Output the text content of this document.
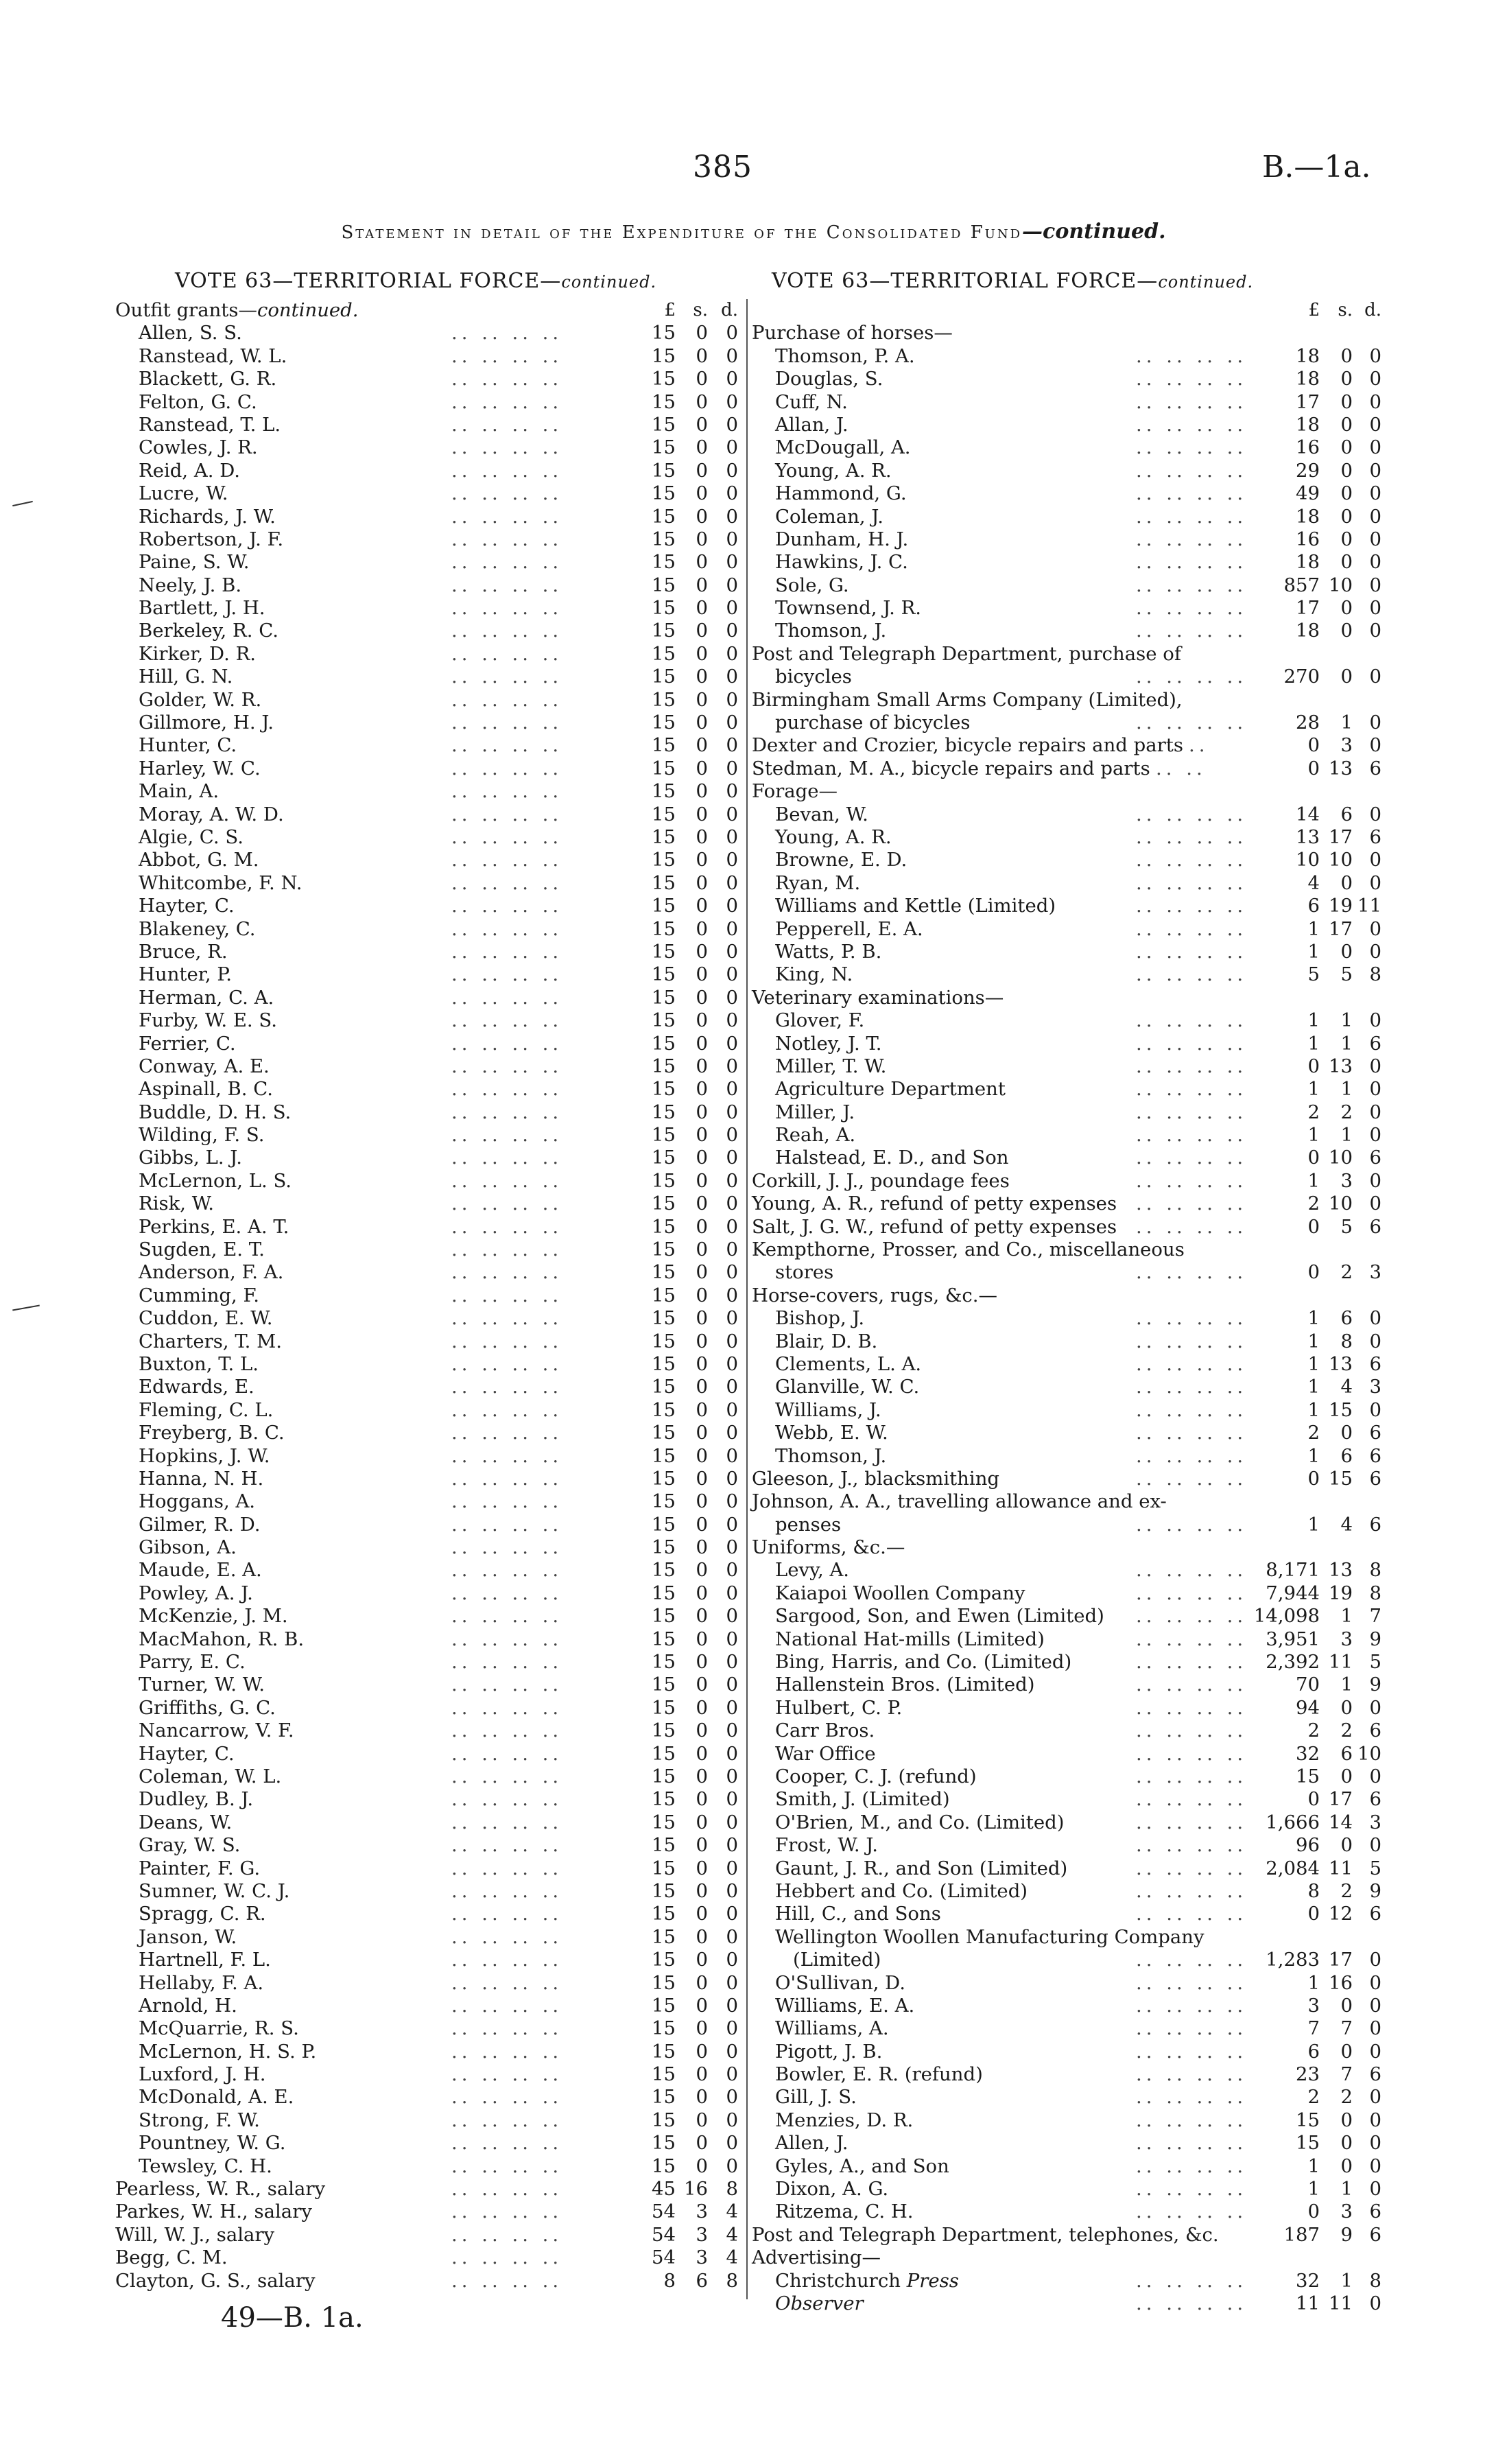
385	B.—1a.
Statement in detail of the Expenditure of the Consolidated Fund—continued.
VOTE 63—TERRITORIAL FORCE—continued.	VOTE 63—TERRITORIAL FORCE—continued.
Outfit grants—continued.	£ s. d.
Allen, S. S.	.. .. .. ..	15	0 0
Ranstead, W. L.	.. .. .. ..	15	0 0
Blackett, G. R.	.. .. .. ..	15	0 0
Felton, G. C.	.. .. .. ..	15	0 0
Ranstead, T. L.	.. .. .. ..	15	0 0
Cowles, J. R.	.. .. .. ..	15	0 0
Reid, A. D.	.. .. .. ..	15	0 0
Lucre, W.	.. .. .. ..	15	0 0
Richards, J. W.	.. .. .. ..	15	0 0
Robertson, J. F.	.. .. .. ..	15	0 0
Paine, S. W.	.. .. .. ..	15	0 0
Neely, J. B.	.. .. .. ..	15	0 0
Bartlett, J. H.	.. .. .. ..	15	0 0
Berkeley, R. C.	.. .. .. ..	15	0 0
Kirker, D. R.	.. .. .. ..	15	0 0
Hill, G. N.	.. .. .. ..	15	0 0
Golder, W. R.	.. .. .. ..	15	0 0
Gillmore, H. J.	.. .. .. ..	15	0 0
Hunter, C.	.. .. .. ..	15	0 0
Harley, W. C.	.. .. .. ..	15	0 0
Main, A.	.. .. .. ..	15	0 0
Moray, A. W. D.	.. .. .. ..	15	0 0
Algie, C. S.	.. .. .. ..	15	0 0
Abbot, G. M.	.. .. .. ..	15	0 0
Whitcombe, F. N.	.. .. .. ..	15	0 0
Hayter, C.	.. .. .. ..	15	0 0
Blakeney, C.	.. .. .. ..	15	0 0
Bruce, R.	.. .. .. ..	15	0 0
Hunter, P.	.. .. .. ..	15	0 0
Herman, C. A.	.. .. .. ..	15	0 0
Furby, W. E. S.	.. .. .. ..	15	0 0
Ferrier, C.	.. .. .. ..	15	0 0
Conway, A. E.	.. .. .. ..	15	0 0
Aspinall, B. C.	.. .. .. ..	15	0 0
Buddle, D. H. S.	.. .. .. ..	15	0 0
Wilding, F. S.	.. .. .. ..	15	0 0
Gibbs, L. J.	.. .. .. ..	15	0 0
McLernon, L. S.	.. .. .. ..	15	0 0
Risk, W.	.. .. .. ..	15	0 0
Perkins, E. A. T.	.. .. .. ..	15	0 0
Sugden, E. T.	.. .. .. ..	15	0 0
Anderson, F. A.	.. .. .. ..	15	0 0
Cumming, F.	.. .. .. ..	15	0 0
Cuddon, E. W.	.. .. .. ..	15	0 0
Charters, T. M.	.. .. .. ..	15	0 0
Buxton, T. L.	.. .. .. ..	15	0 0
Edwards, E.	.. .. .. ..	15	0 0
Fleming, C. L.	.. .. .. ..	15	0 0
Freyberg, B. C.	.. .. .. ..	15	0 0
Hopkins, J. W.	.. .. .. ..	15	0 0
Hanna, N. H.	.. .. .. ..	15	0 0
Hoggans, A.	.. .. .. ..	15	0 0
Gilmer, R. D.	.. .. .. ..	15	0 0
Gibson, A.	.. .. .. ..	15	0 0
Maude, E. A.	.. .. .. ..	15	0 0
Powley, A. J.	.. .. .. ..	15	0 0
McKenzie, J. M.	.. .. .. ..	15	0 0
MacMahon, R. B.	.. .. .. ..	15	0 0
Parry, E. C.	.. .. .. ..	15	0 0
Turner, W. W.	.. .. .. ..	15	0 0
Griffiths, G. C.	.. .. .. ..	15	0 0
Nancarrow, V. F.	.. .. .. ..	15	0 0
Hayter, C.	.. .. .. ..	15	0 0
Coleman, W. L.	.. .. .. ..	15	0 0
Dudley, B. J.	.. .. .. ..	15	0 0
Deans, W.	.. .. .. ..	15	0 0
Gray, W. S.	.. .. .. ..	15	0 0
Painter, F. G.	.. .. .. ..	15	0 0
Sumner, W. C. J.	.. .. .. ..	15	0 0
Spragg, C. R.	.. .. .. ..	15	0 0
Janson, W.	.. .. .. ..	15	0 0
Hartnell, F. L.	.. .. .. ..	15	0 0
Hellaby, F. A.	.. .. .. ..	15	0 0
Arnold, H.	.. .. .. ..	15	0 0
McQuarrie, R. S.	.. .. .. ..	15	0 0
McLernon, H. S. P.	.. .. .. ..	15	0 0
Luxford, J. H.	.. .. .. ..	15	0 0
McDonald, A. E.	.. .. .. ..	15	0 0
Strong, F. W.	.. .. .. ..	15	0 0
Pountney, W. G.	.. .. .. ..	15	0 0
Tewsley, C. H.	.. .. .. ..	15	0 0
Pearless, W. R., salary	.. .. .. ..	45 16 8
Parkes, W. H., salary	.. .. .. ..	54	3 4
Will, W. J., salary	.. .. .. ..	54	3 4
Begg, C. M.	.. .. .. ..	54	3 4
Clayton, G. S., salary	.. .. .. ..	8	6 8
£	s. d.
Purchase of horses—
Thomson, P. A.	.. .. .. ..	18	0 0
Douglas, S.	.. .. .. ..	18	0 0
Cuff, N.	.. .. .. ..	17	0 0
Allan, J.	.. .. .. ..	18	0 0
McDougall, A.	.. .. .. ..	16	0 0
Young, A. R.	.. .. .. ..	29	0 0
Hammond, G.	.. .. .. ..	49	0 0
Coleman, J.	.. .. .. ..	18	0 0
Dunham, H. J.	.. .. .. ..	16	0 0
Hawkins, J. C.	.. .. .. ..	18	0 0
Sole, G.	.. .. .. ..	857 10 0
Townsend, J. R.	.. .. .. ..	17	0 0
Thomson, J.	.. .. .. ..	18	0 0
Post and Telegraph Department, purchase of
bicycles	.. .. .. ..	270	0 0
Birmingham Small Arms Company (Limited),
purchase of bicycles	.. .. .. ..	28	1 0
Dexter and Crozier, bicycle repairs and parts ..	0	3 0
Stedman, M. A., bicycle repairs and parts .. ..	0 13 6
Forage—
Bevan, W.	.. .. .. ..	14	6 0
Young, A. R.	.. .. .. ..	13 17 6
Browne, E. D.	.. .. .. ..	10 10 0
Ryan, M.	.. .. .. ..	4	0 0
Williams and Kettle (Limited)	.. .. .. ..	6 19 11
Pepperell, E. A.	.. .. .. ..	1 17 0
Watts, P. B.	.. .. .. ..	1	0 0
King, N.	.. .. .. ..	5	5 8
Veterinary examinations—
Glover, F.	.. .. .. ..	1	1 0
Notley, J. T.	.. .. .. ..	1	1 6
Miller, T. W.	.. .. .. ..	0 13 0
Agriculture Department	.. .. .. ..	1	1 0
Miller, J.	.. .. .. ..	2	2 0
Reah, A.	.. .. .. ..	1	1 0
Halstead, E. D., and Son	.. .. .. ..	0 10 6
Corkill, J. J., poundage fees	.. .. .. ..	1	3 0
Young, A. R., refund of petty expenses .. .. .. ..	2 10 0
Salt, J. G. W., refund of petty expenses .. .. .. ..	0	5 6
Kempthorne, Prosser, and Co., miscellaneous
stores	.. .. .. ..	0	2 3
Horse-covers, rugs, &c.—
Bishop, J.	.. .. .. ..	1	6 0
Blair, D. B.	.. .. .. ..	1	8 0
Clements, L. A.	.. .. .. ..	1 13 6
Glanville, W. C.	.. .. .. ..	1	4 3
Williams, J.	.. .. .. ..	1 15 0
Webb, E. W.	.. .. .. ..	2	0 6
Thomson, J.	.. .. .. ..	1	6 6
Gleeson, J., blacksmithing	.. .. .. ..	0 15 6
Johnson, A. A., travelling allowance and ex-
penses	.. .. .. ..	1	4 6
Uniforms, &c.—
Levy, A.	.. .. .. .. 8,171 13 8
Kaiapoi Woollen Company	.. .. .. .. 7,944 19 8
Sargood, Son, and Ewen (Limited) .. .. .. .. 14,098	1 7
National Hat-mills (Limited)	.. .. .. .. 3,951	3 9
Bing, Harris, and Co. (Limited)	.. .. .. .. 2,392 11 5
Hallenstein Bros. (Limited)	.. .. .. ..	70	1 9
Hulbert, C. P.	.. .. .. ..	94	0 0
Carr Bros.	.. .. .. ..	2	2 6
War Office	.. .. .. ..	32	6 10
Cooper, C. J. (refund)	.. .. .. ..	15	0 0
Smith, J. (Limited)	.. .. .. ..	0 17 6
O'Brien, M., and Co. (Limited)	.. .. .. .. 1,666 14 3
Frost, W. J.	.. .. .. ..	96	0 0
Gaunt, J. R., and Son (Limited)	.. .. .. .. 2,084 11 5
Hebbert and Co. (Limited)	.. .. .. ..	8	2 9
Hill, C., and Sons	.. .. .. ..	0 12 6
Wellington Woollen Manufacturing Company
(Limited)	.. .. .. .. 1,283 17 0
O'Sullivan, D.	.. .. .. ..	1 16 0
Williams, E. A.	.. .. .. ..	3	0 0
Williams, A.	.. .. .. ..	7	7 0
Pigott, J. B.	.. .. .. ..	6	0 0
Bowler, E. R. (refund)	.. .. .. ..	23	7 6
Gill, J. S.	.. .. .. ..	2	2 0
Menzies, D. R.	.. .. .. ..	15	0 0
Allen, J.	.. .. .. ..	15	0 0
Gyles, A., and Son	.. .. .. ..	1	0 0
Dixon, A. G.	.. .. .. ..	1	1 0
Ritzema, C. H.	.. .. .. ..	0	3 6
Post and Telegraph Department, telephones, &c.	187	9 6
Advertising—
Christchurch Press	.. .. .. ..	32	1 8
Observer	.. .. .. ..	11 11 0
49—B. 1a.
